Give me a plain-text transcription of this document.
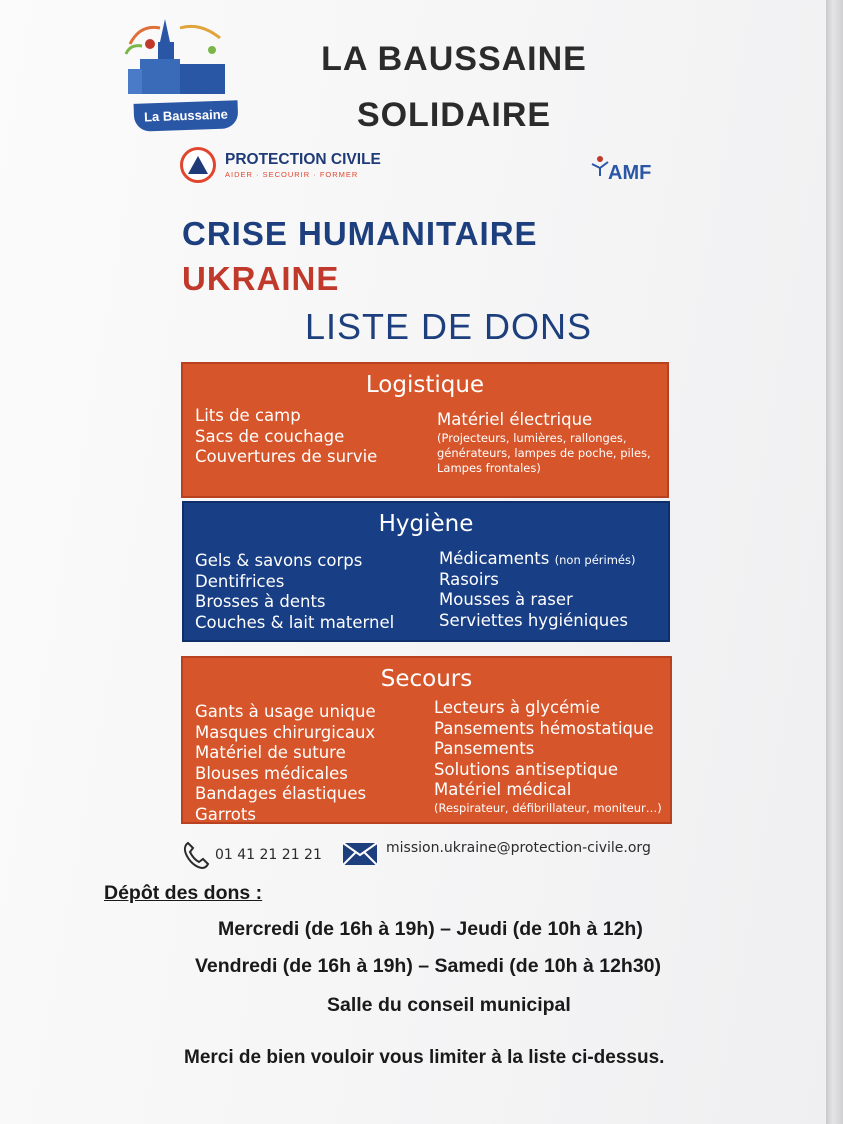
La Baussaine
LA BAUSSAINE
SOLIDAIRE
PROTECTION CIVILE
AIDER · SECOURIR · FORMER	AMF
CRISE HUMANITAIRE
UKRAINE
LISTE DE DONS
Logistique
Lits de camp
Sacs de couchage
Couvertures de survie
Matériel électrique
(Projecteurs, lumières, rallonges,
générateurs, lampes de poche, piles,
Lampes frontales)
Hygiène
Gels & savons corps
Dentifrices
Brosses à dents
Couches & lait maternel
Médicaments (non périmés)
Rasoirs
Mousses à raser
Serviettes hygiéniques
Secours
Gants à usage unique
Masques chirurgicaux
Matériel de suture
Blouses médicales
Bandages élastiques
Garrots
Lecteurs à glycémie
Pansements hémostatique
Pansements
Solutions antiseptique
Matériel médical
(Respirateur, défibrillateur, moniteur…)
01 41 21 21 21	mission.ukraine@protection-civile.org
Dépôt des dons :
Mercredi (de 16h à 19h) – Jeudi (de 10h à 12h)
Vendredi (de 16h à 19h) – Samedi (de 10h à 12h30)
Salle du conseil municipal
Merci de bien vouloir vous limiter à la liste ci-dessus.
